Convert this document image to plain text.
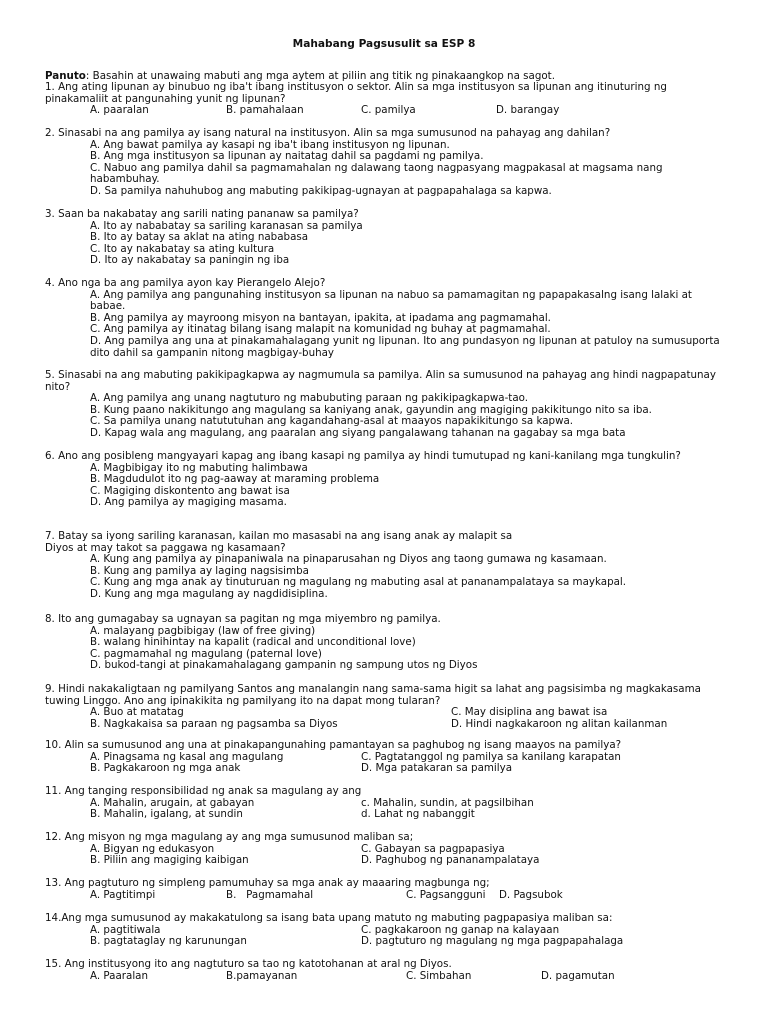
Mahabang Pagsusulit sa ESP 8
Panuto: Basahin at unawaing mabuti ang mga aytem at piliin ang titik ng pinakaangkop na sagot.
1. Ang ating lipunan ay binubuo ng iba't ibang institusyon o sektor. Alin sa mga institusyon sa lipunan ang itinuturing ng pinakamaliit at pangunahing yunit ng lipunan?
A. paaralan	B. pamahalaan	C. pamilya	D. barangay
2. Sinasabi na ang pamilya ay isang natural na institusyon. Alin sa mga sumusunod na pahayag ang dahilan?
A. Ang bawat pamilya ay kasapi ng iba't ibang institusyon ng lipunan.
B. Ang mga institusyon sa lipunan ay naitatag dahil sa pagdami ng pamilya.
C. Nabuo ang pamilya dahil sa pagmamahalan ng dalawang taong nagpasyang magpakasal at magsama nang habambuhay.
D. Sa pamilya nahuhubog ang mabuting pakikipag-ugnayan at pagpapahalaga sa kapwa.
3. Saan ba nakabatay ang sarili nating pananaw sa pamilya?
A. Ito ay nababatay sa sariling karanasan sa pamilya
B. Ito ay batay sa aklat na ating nababasa
C. Ito ay nakabatay sa ating kultura
D. Ito ay nakabatay sa paningin ng iba
4. Ano nga ba ang pamilya ayon kay Pierangelo Alejo?
A. Ang pamilya ang pangunahing institusyon sa lipunan na nabuo sa pamamagitan ng papapakasalng isang lalaki at babae.
B. Ang pamilya ay mayroong misyon na bantayan, ipakita, at ipadama ang pagmamahal.
C. Ang pamilya ay itinatag bilang isang malapit na komunidad ng buhay at pagmamahal.
D. Ang pamilya ang una at pinakamahalagang yunit ng lipunan. Ito ang pundasyon ng lipunan at patuloy na sumusuporta dito dahil sa gampanin nitong magbigay-buhay
5. Sinasabi na ang mabuting pakikipagkapwa ay nagmumula sa pamilya. Alin sa sumusunod na pahayag ang hindi nagpapatunay nito?
A. Ang pamilya ang unang nagtuturo ng mabubuting paraan ng pakikipagkapwa-tao.
B. Kung paano nakikitungo ang magulang sa kaniyang anak, gayundin ang magiging pakikitungo nito sa iba.
C. Sa pamilya unang natututuhan ang kagandahang-asal at maayos napakikitungo sa kapwa.
D. Kapag wala ang magulang, ang paaralan ang siyang pangalawang tahanan na gagabay sa mga bata
6. Ano ang posibleng mangyayari kapag ang ibang kasapi ng pamilya ay hindi tumutupad ng kani-kanilang mga tungkulin?
A. Magbibigay ito ng mabuting halimbawa
B. Magdudulot ito ng pag-aaway at maraming problema
C. Magiging diskontento ang bawat isa
D. Ang pamilya ay magiging masama.
7. Batay sa iyong sariling karanasan, kailan mo masasabi na ang isang anak ay malapit sa
Diyos at may takot sa paggawa ng kasamaan?
A. Kung ang pamilya ay pinapaniwala na pinaparusahan ng Diyos ang taong gumawa ng kasamaan.
B. Kung ang pamilya ay laging nagsisimba
C. Kung ang mga anak ay tinuturuan ng magulang ng mabuting asal at pananampalataya sa maykapal.
D. Kung ang mga magulang ay nagdidisiplina.
8. Ito ang gumagabay sa ugnayan sa pagitan ng mga miyembro ng pamilya.
A. malayang pagbibigay (law of free giving)
B. walang hinihintay na kapalit (radical and unconditional love)
C. pagmamahal ng magulang (paternal love)
D. bukod-tangi at pinakamahalagang gampanin ng sampung utos ng Diyos
9. Hindi nakakaligtaan ng pamilyang Santos ang manalangin nang sama-sama higit sa lahat ang pagsisimba ng magkakasama tuwing Linggo. Ano ang ipinakikita ng pamilyang ito na dapat mong tularan?
A. Buo at matatag	C. May disiplina ang bawat isa
B. Nagkakaisa sa paraan ng pagsamba sa Diyos	D. Hindi nagkakaroon ng alitan kailanman
10. Alin sa sumusunod ang una at pinakapangunahing pamantayan sa paghubog ng isang maayos na pamilya?
A. Pinagsama ng kasal ang magulang	C. Pagtatanggol ng pamilya sa kanilang karapatan
B. Pagkakaroon ng mga anak	D. Mga patakaran sa pamilya
11. Ang tanging responsibilidad ng anak sa magulang ay ang
A. Mahalin, arugain, at gabayan	c. Mahalin, sundin, at pagsilbihan
B. Mahalin, igalang, at sundin	d. Lahat ng nabanggit
12. Ang misyon ng mga magulang ay ang mga sumusunod maliban sa;
A. Bigyan ng edukasyon	C. Gabayan sa pagpapasiya
B. Piliin ang magiging kaibigan	D. Paghubog ng pananampalataya
13. Ang pagtuturo ng simpleng pamumuhay sa mga anak ay maaaring magbunga ng;
A. Pagtitimpi	B.   Pagmamahal	C. Pagsangguni D. Pagsubok
14.Ang mga sumusunod ay makakatulong sa isang bata upang matuto ng mabuting pagpapasiya maliban sa:
A. pagtitiwala	C. pagkakaroon ng ganap na kalayaan
B. pagtataglay ng karunungan	D. pagtuturo ng magulang ng mga pagpapahalaga
15. Ang institusyong ito ang nagtuturo sa tao ng katotohanan at aral ng Diyos.
A. Paaralan	B.pamayanan	C. Simbahan	D. pagamutan
